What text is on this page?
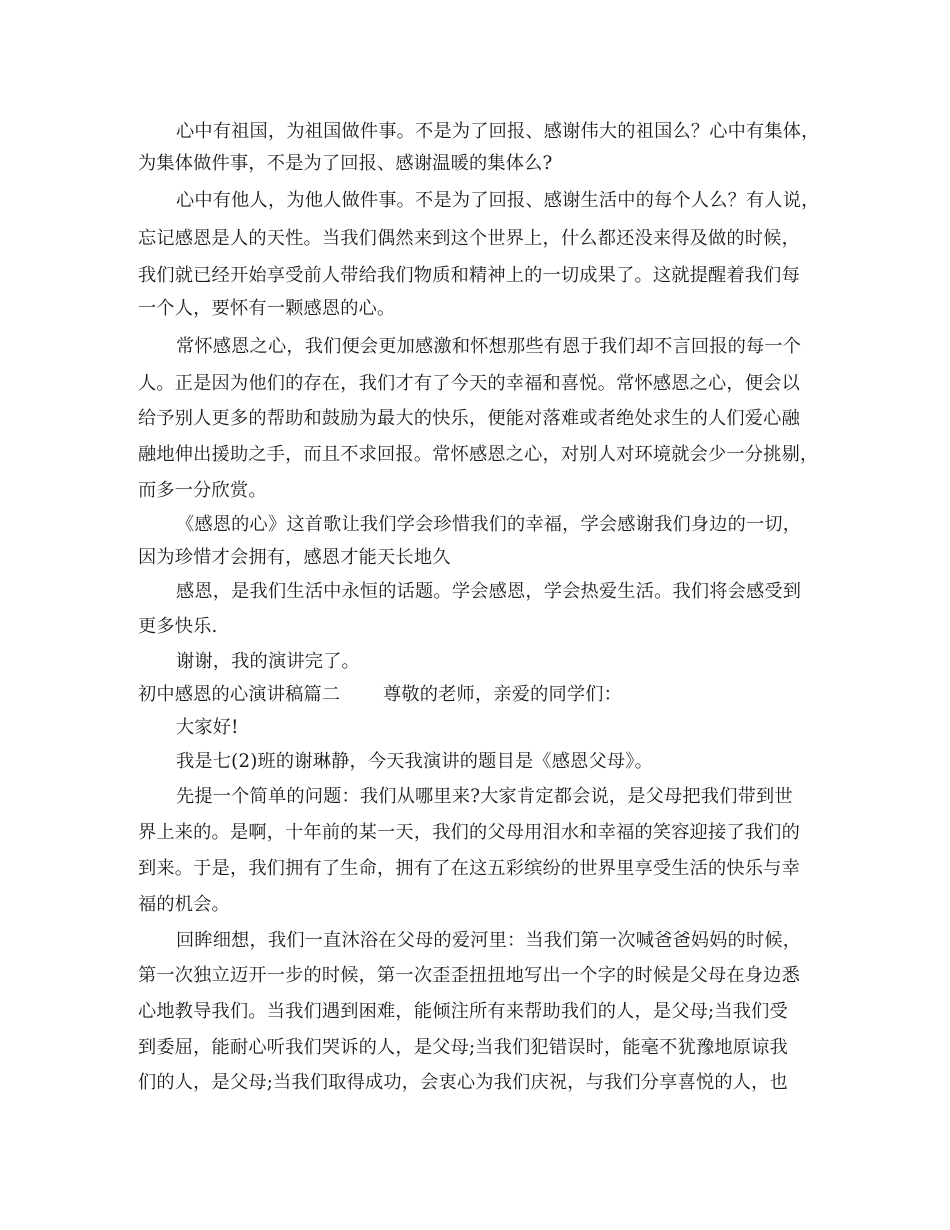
心中有祖国，为祖国做件事。不是为了回报、感谢伟大的祖国么？心中有集体，
为集体做件事，不是为了回报、感谢温暖的集体么?
心中有他人，为他人做件事。不是为了回报、感谢生活中的每个人么？有人说，
忘记感恩是人的天性。当我们偶然来到这个世界上，什么都还没来得及做的时候，
我们就已经开始享受前人带给我们物质和精神上的一切成果了。这就提醒着我们每
一个人，要怀有一颗感恩的心。
常怀感恩之心，我们便会更加感激和怀想那些有恩于我们却不言回报的每一个
人。正是因为他们的存在，我们才有了今天的幸福和喜悦。常怀感恩之心，便会以
给予别人更多的帮助和鼓励为最大的快乐，便能对落难或者绝处求生的人们爱心融
融地伸出援助之手，而且不求回报。常怀感恩之心，对别人对环境就会少一分挑剔，
而多一分欣赏。
《感恩的心》这首歌让我们学会珍惜我们的幸福，学会感谢我们身边的一切，
因为珍惜才会拥有，感恩才能天长地久
感恩，是我们生活中永恒的话题。学会感恩，学会热爱生活。我们将会感受到
更多快乐.
谢谢，我的演讲完了。
初中感恩的心演讲稿篇二 尊敬的老师，亲爱的同学们：
大家好!
我是七(2)班的谢琳静，今天我演讲的题目是《感恩父母》。
先提一个简单的问题：我们从哪里来?大家肯定都会说，是父母把我们带到世
界上来的。是啊，十年前的某一天，我们的父母用泪水和幸福的笑容迎接了我们的
到来。于是，我们拥有了生命，拥有了在这五彩缤纷的世界里享受生活的快乐与幸
福的机会。
回眸细想，我们一直沐浴在父母的爱河里：当我们第一次喊爸爸妈妈的时候，
第一次独立迈开一步的时候，第一次歪歪扭扭地写出一个字的时候是父母在身边悉
心地教导我们。当我们遇到困难，能倾注所有来帮助我们的人，是父母;当我们受
到委屈，能耐心听我们哭诉的人，是父母;当我们犯错误时，能毫不犹豫地原谅我
们的人，是父母;当我们取得成功，会衷心为我们庆祝，与我们分享喜悦的人，也
